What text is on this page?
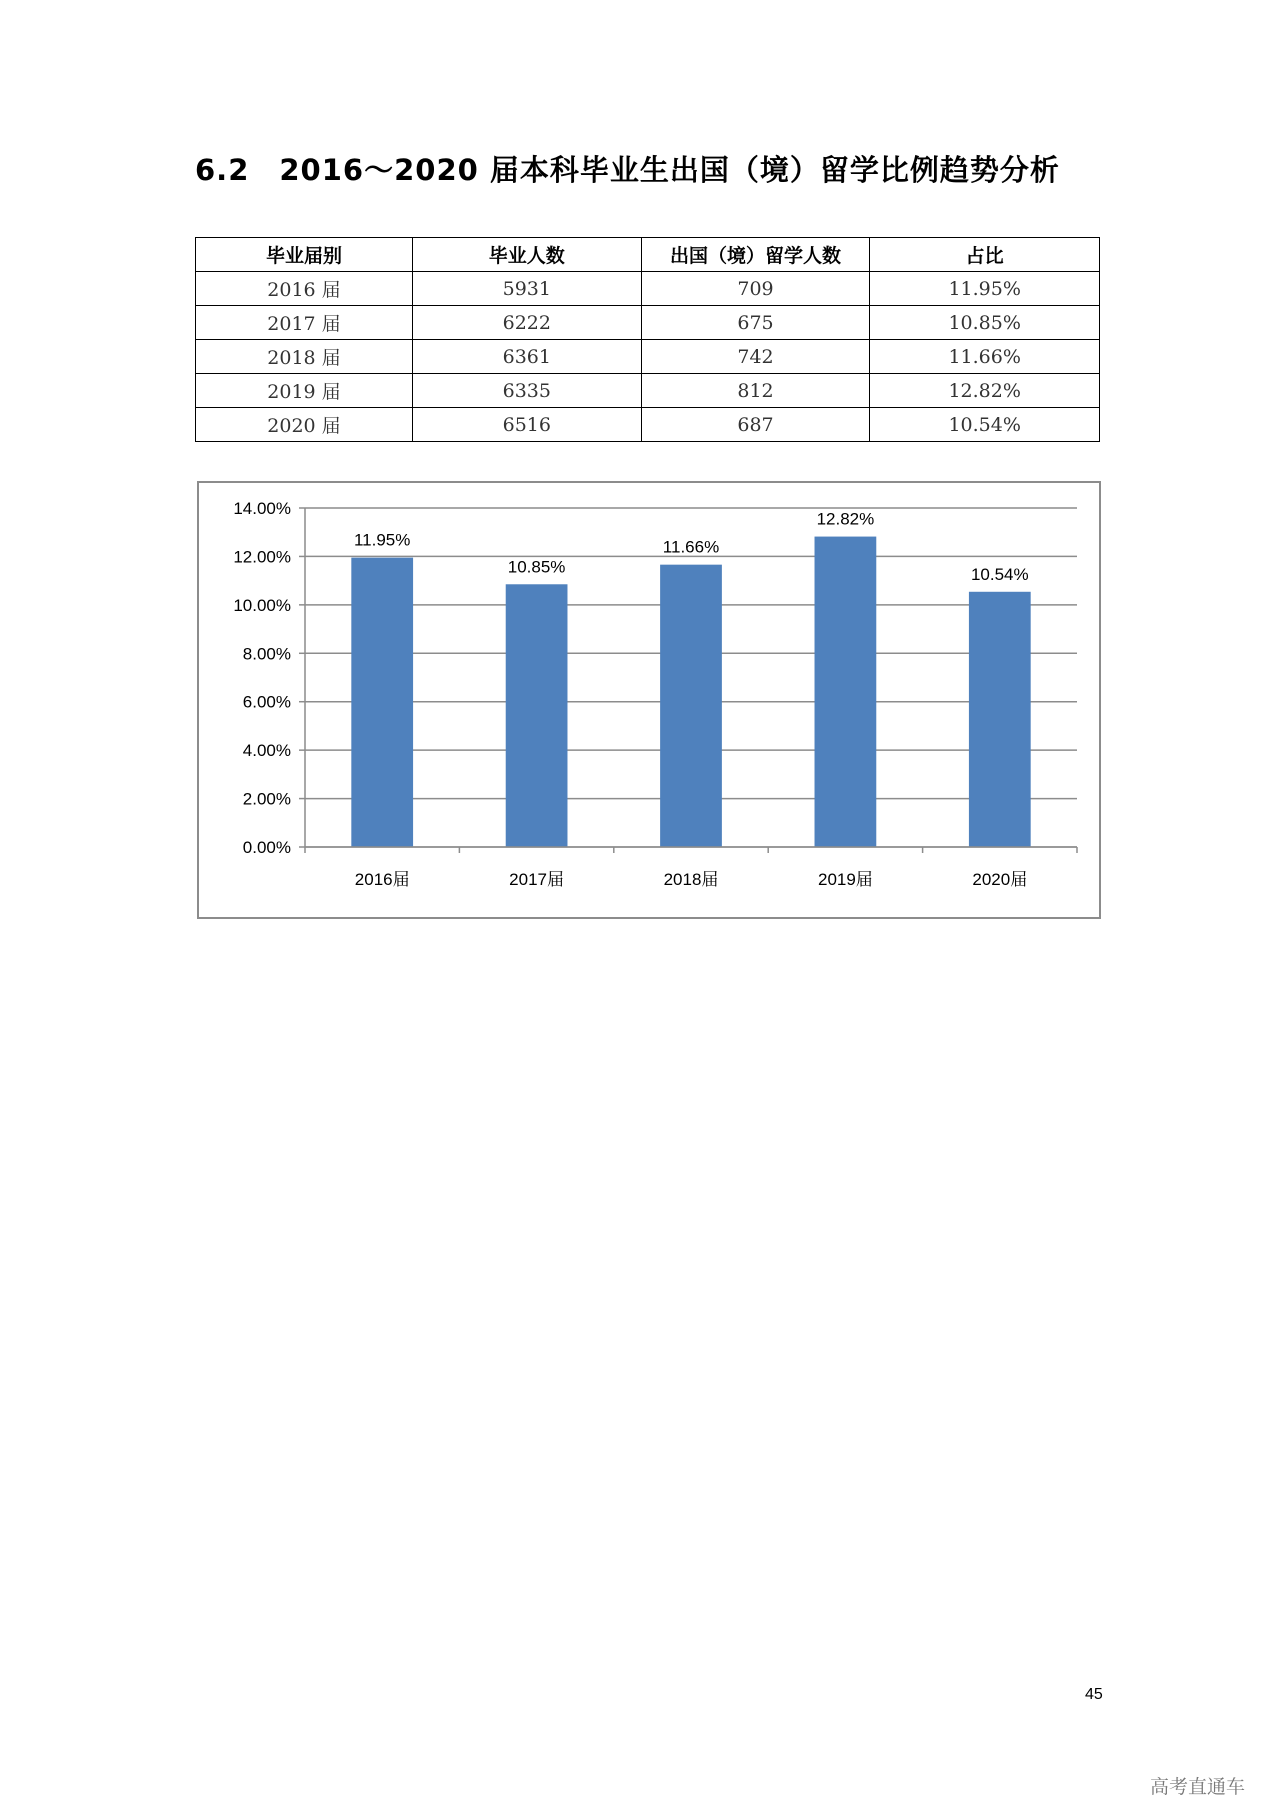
6.2 2016～2020 届本科毕业生出国（境）留学比例趋势分析
毕业届别	毕业人数	出国（境）留学人数	占比
2016 届	5931	709	11.95%
2017 届	6222	675	10.85%
2018 届	6361	742	11.66%
2019 届	6335	812	12.82%
2020 届	6516	687	10.54%
0.00%
2.00%
4.00%
6.00%
8.00%
10.00%
12.00%
14.00%
11.95%
2016届
10.85%
2017届
11.66%
2018届
12.82%
2019届
10.54%
2020届
45
高考直通车
